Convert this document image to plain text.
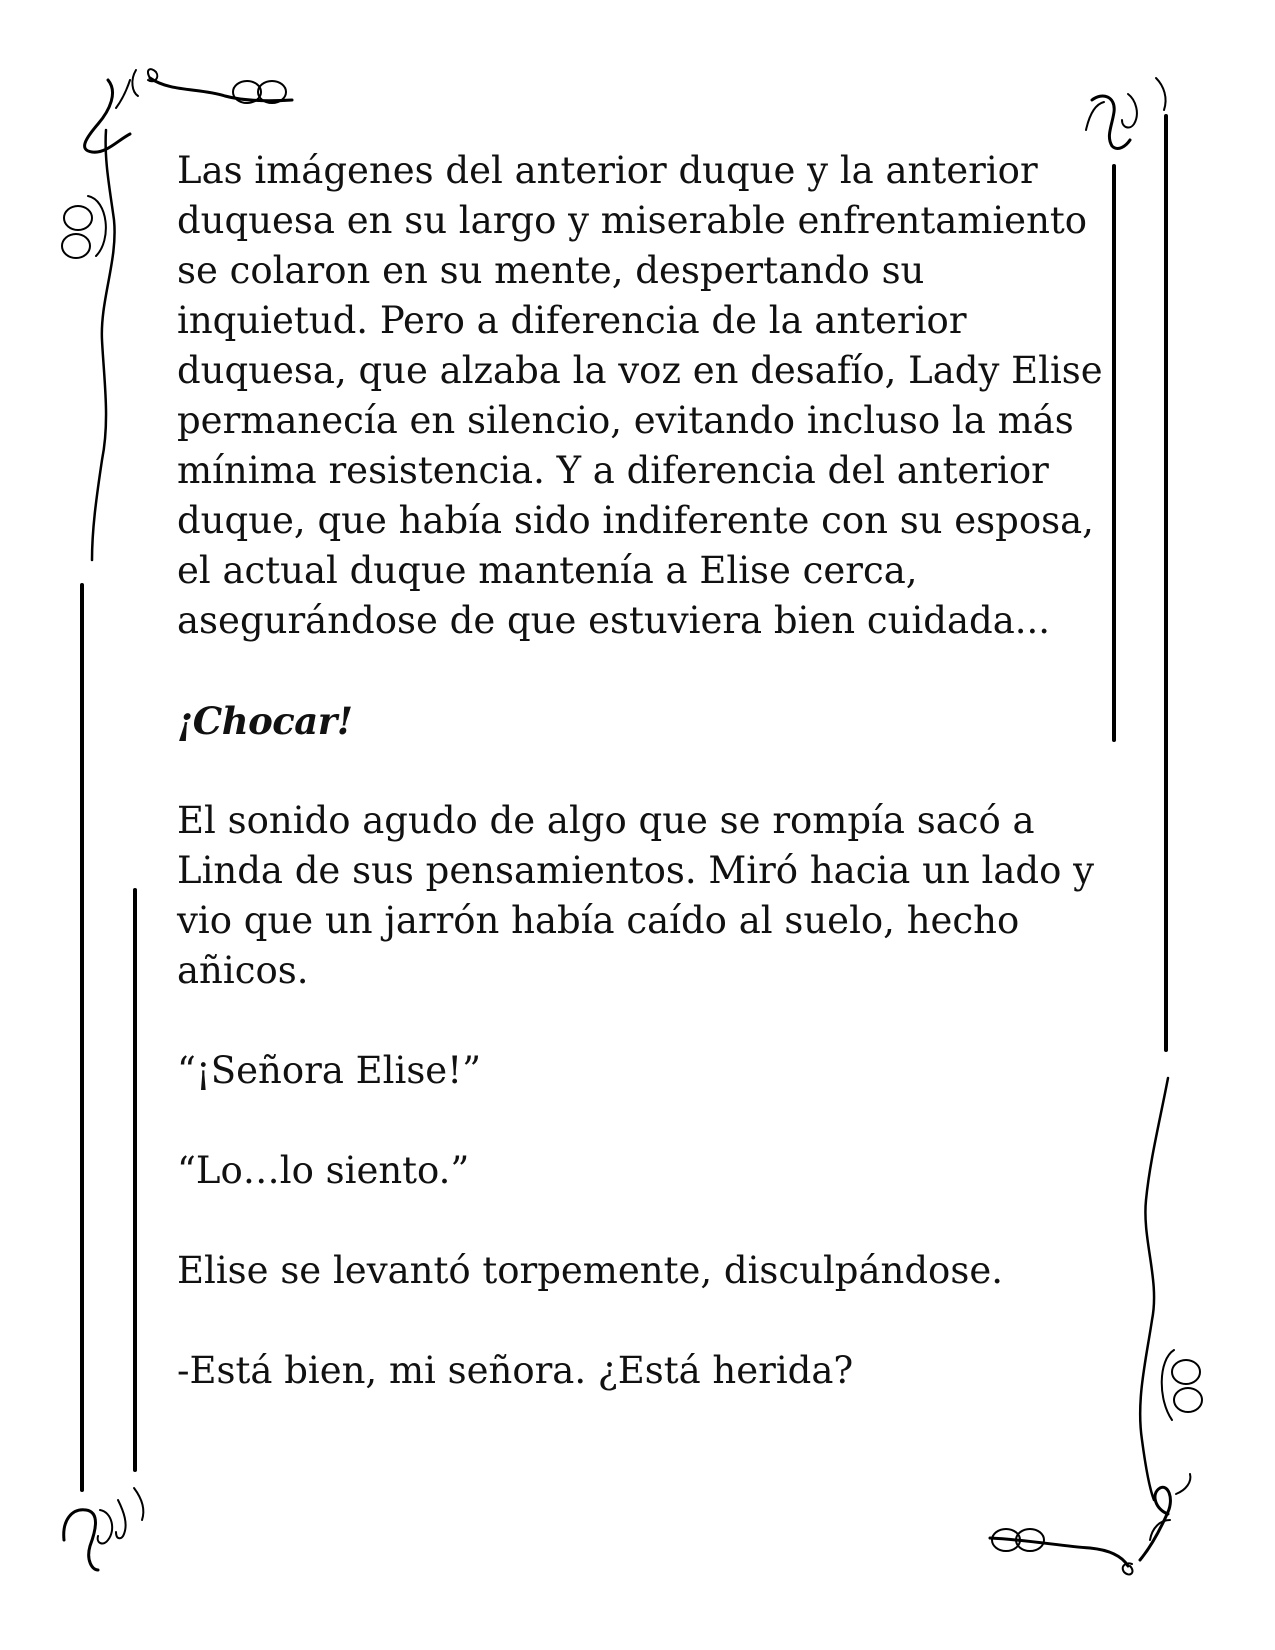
Las imágenes del anterior duque y la anterior duquesa en su largo y miserable enfrentamiento se colaron en su mente, despertando su inquietud. Pero a diferencia de la anterior duquesa, que alzaba la voz en desafío, Lady Elise permanecía en silencio, evitando incluso la más mínima resistencia. Y a diferencia del anterior duque, que había sido indiferente con su esposa, el actual duque mantenía a Elise cerca, asegurándose de que estuviera bien cuidada...

¡Chocar!

El sonido agudo de algo que se rompía sacó a Linda de sus pensamientos. Miró hacia un lado y vio que un jarrón había caído al suelo, hecho añicos.

“¡Señora Elise!”

“Lo…lo siento.”

Elise se levantó torpemente, disculpándose.

-Está bien, mi señora. ¿Está herida?
